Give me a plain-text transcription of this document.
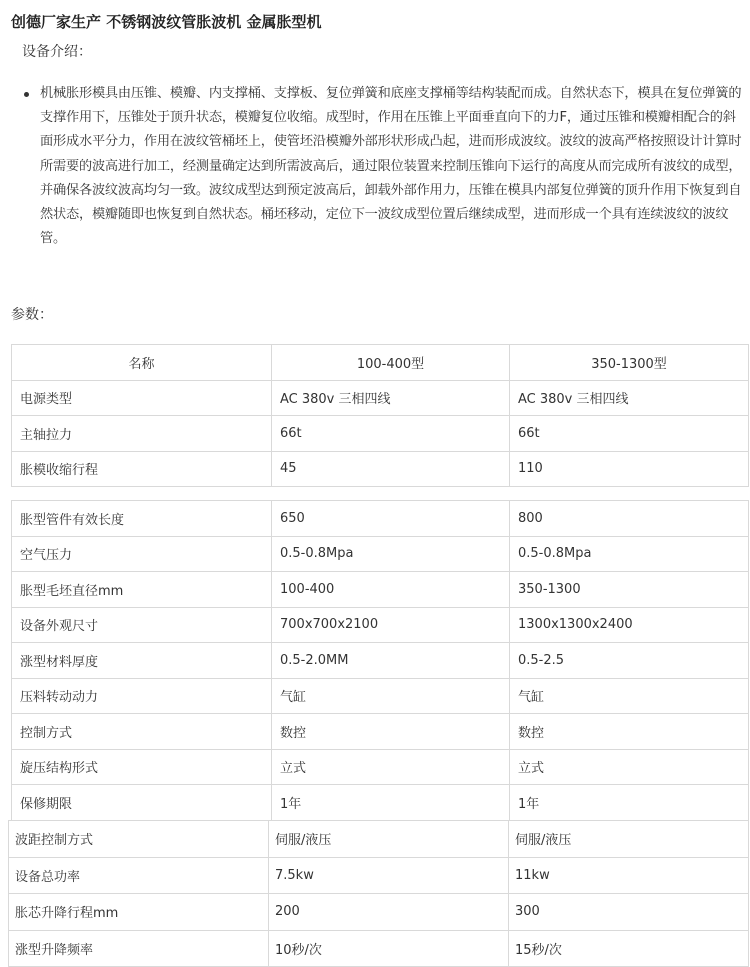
创德厂家生产 不锈钢波纹管胀波机 金属胀型机

设备介绍：

机械胀形模具由压锥、模瓣、内支撑桶、支撑板、复位弹簧和底座支撑桶等结构装配而成。自然状态下，模具在复位弹簧的支撑作用下，压锥处于顶升状态，模瓣复位收缩。成型时，作用在压锥上平面垂直向下的力F，通过压锥和模瓣相配合的斜面形成水平分力，作用在波纹管桶坯上，使管坯沿模瓣外部形状形成凸起，进而形成波纹。波纹的波高严格按照设计计算时所需要的波高进行加工，经测量确定达到所需波高后，通过限位装置来控制压锥向下运行的高度从而完成所有波纹的成型，并确保各波纹波高均匀一致。波纹成型达到预定波高后，卸载外部作用力，压锥在模具内部复位弹簧的顶升作用下恢复到自然状态，模瓣随即也恢复到自然状态。桶坯移动，定位下一波纹成型位置后继续成型，进而形成一个具有连续波纹的波纹管。

参数：

名称	100-400型	350-1300型
电源类型	AC 380v 三相四线	AC 380v 三相四线
主轴拉力	66t	66t
胀模收缩行程	45	110
胀型管件有效长度	650	800
空气压力	0.5-0.8Mpa	0.5-0.8Mpa
胀型毛坯直径mm	100-400	350-1300
设备外观尺寸	700x700x2100	1300x1300x2400
涨型材料厚度	0.5-2.0MM	0.5-2.5
压料转动动力	气缸	气缸
控制方式	数控	数控
旋压结构形式	立式	立式
保修期限	1年	1年
波距控制方式	伺服/液压	伺服/液压
设备总功率	7.5kw	11kw
胀芯升降行程mm	200	300
涨型升降频率	10秒/次	15秒/次
